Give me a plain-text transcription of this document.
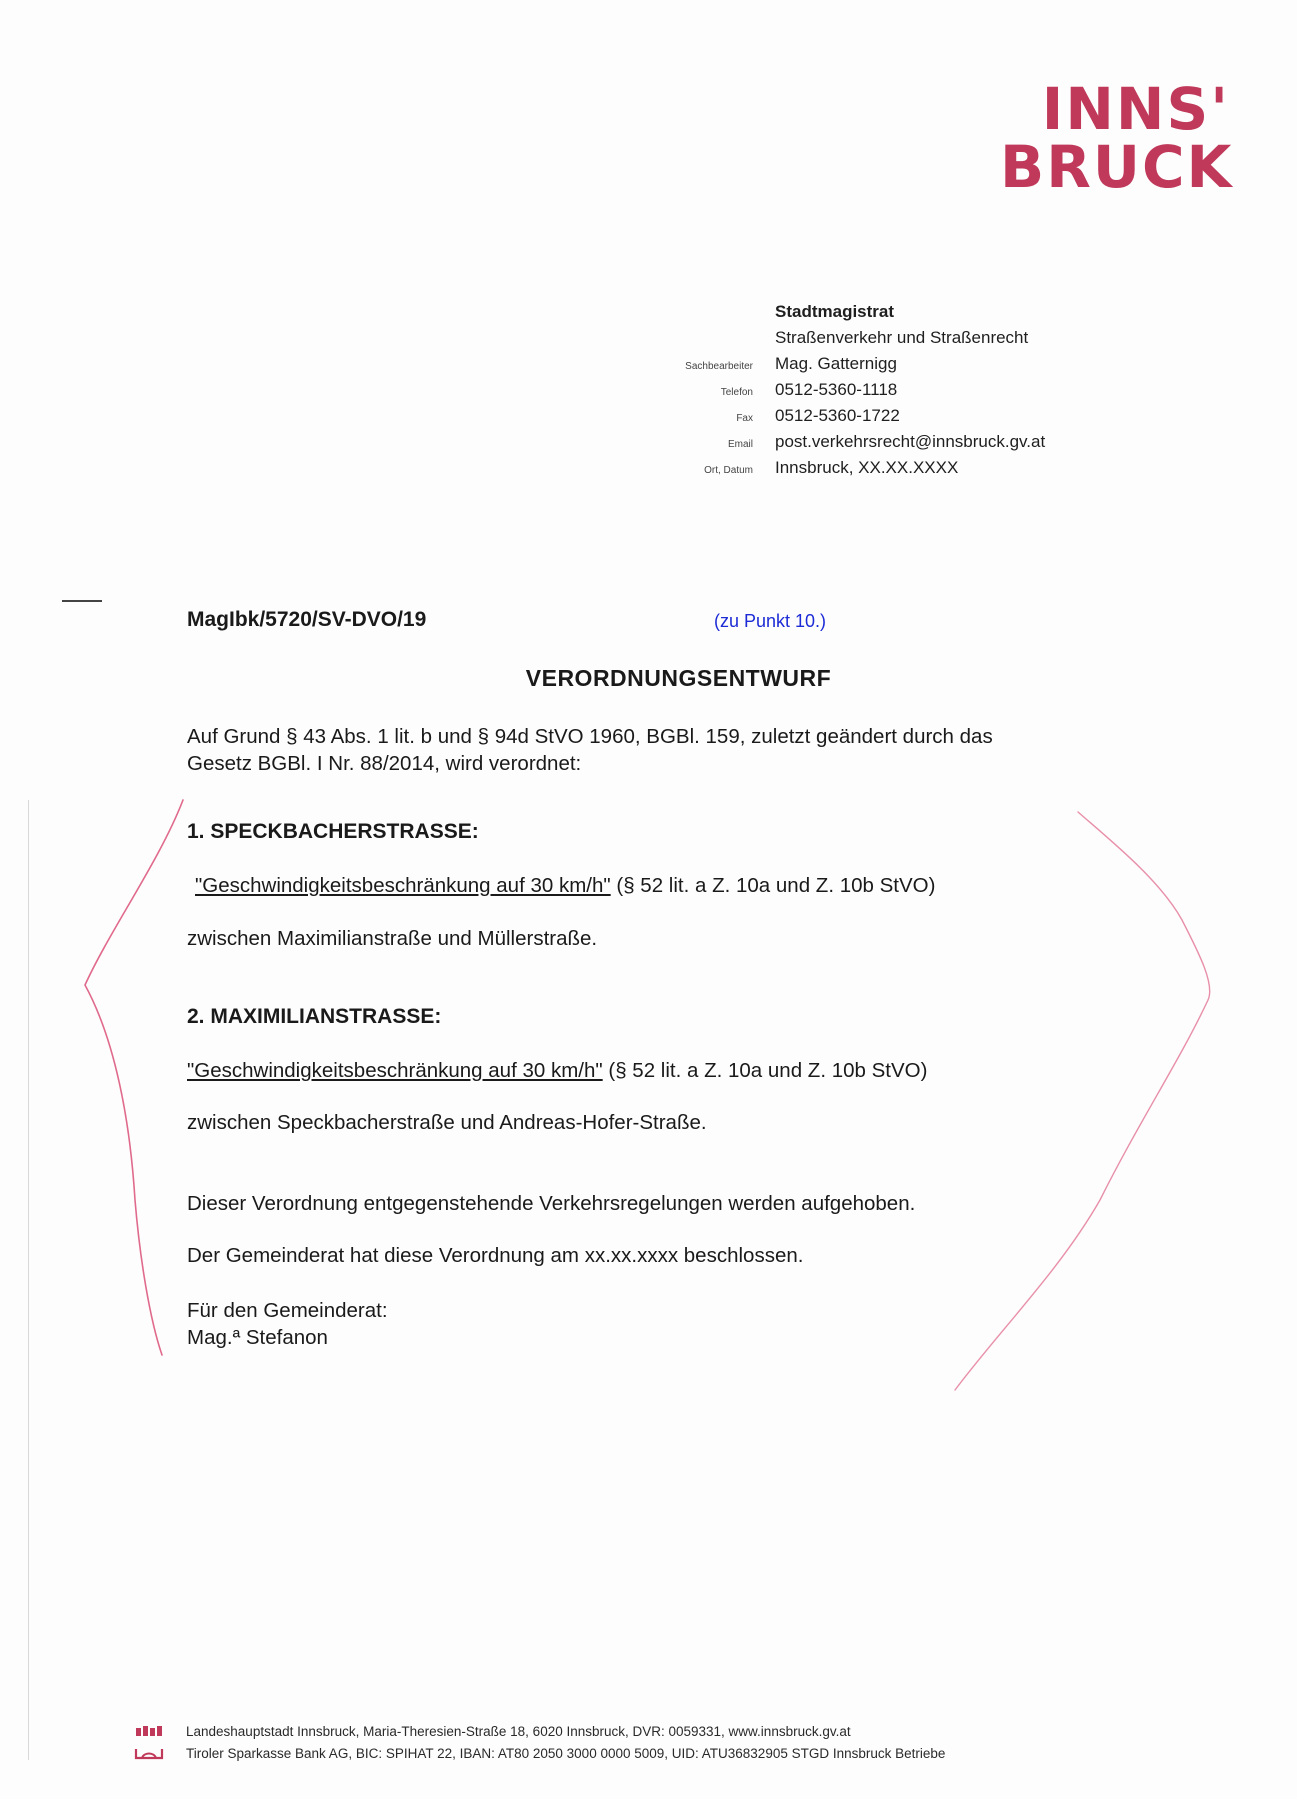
INNS'
BRUCK
Stadtmagistrat
Straßenverkehr und Straßenrecht
Sachbearbeiter	Mag. Gatternigg
Telefon	0512-5360-1118
Fax	0512-5360-1722
Email	post.verkehrsrecht@innsbruck.gv.at
Ort, Datum	Innsbruck, XX.XX.XXXX
MagIbk/5720/SV-DVO/19	(zu Punkt 10.)
VERORDNUNGSENTWURF
Auf Grund § 43 Abs. 1 lit. b und § 94d StVO 1960, BGBl. 159, zuletzt geändert durch das
Gesetz BGBl. I Nr. 88/2014, wird verordnet:
1. SPECKBACHERSTRASSE:
"Geschwindigkeitsbeschränkung auf 30 km/h" (§ 52 lit. a Z. 10a und Z. 10b StVO)
zwischen Maximilianstraße und Müllerstraße.
2. MAXIMILIANSTRASSE:
"Geschwindigkeitsbeschränkung auf 30 km/h" (§ 52 lit. a Z. 10a und Z. 10b StVO)
zwischen Speckbacherstraße und Andreas-Hofer-Straße.
Dieser Verordnung entgegenstehende Verkehrsregelungen werden aufgehoben.
Der Gemeinderat hat diese Verordnung am xx.xx.xxxx beschlossen.
Für den Gemeinderat:
Mag.ª Stefanon
Landeshauptstadt Innsbruck, Maria-Theresien-Straße 18, 6020 Innsbruck, DVR: 0059331, www.innsbruck.gv.at
Tiroler Sparkasse Bank AG, BIC: SPIHAT 22, IBAN: AT80 2050 3000 0000 5009, UID: ATU36832905 STGD Innsbruck Betriebe
